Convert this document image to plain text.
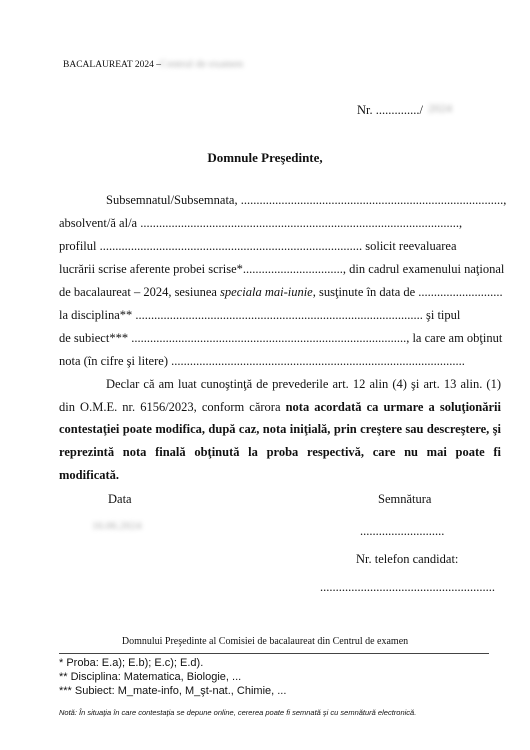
BACALAUREAT 2024 – Centrul de examen
Nr. ............../ 2024
Domnule Preşedinte,
Subsemnatul/Subsemnata, ....................................................................................,
absolvent/ă al/a ......................................................................................................,
profilul .................................................................................... solicit reevaluarea
lucrării scrise aferente probei scrise*................................, din cadrul examenului naţional
de bacalaureat – 2024, sesiunea speciala mai-iunie, susţinute în data de ...........................
la disciplina** ............................................................................................ şi tipul
de subiect*** ........................................................................................, la care am obţinut
nota (în cifre şi litere) ..............................................................................................
Declar că am luat cunoştinţă de prevederile art. 12 alin (4) şi art. 13 alin. (1) din O.M.E. nr. 6156/2023, conform cărora nota acordată ca urmare a soluţionării contestaţiei poate modifica, după caz, nota iniţială, prin creştere sau descreştere, şi reprezintă nota finală obţinută la proba respectivă, care nu mai poate fi modificată.
Data
16.06.2024
Semnătura
...........................
Nr. telefon candidat:
........................................................
Domnului Preşedinte al Comisiei de bacalaureat din Centrul de examen
* Proba: E.a); E.b); E.c); E.d).
** Disciplina: Matematica, Biologie, ...
*** Subiect: M_mate-info, M_şt-nat., Chimie, ...
Notă: În situaţia în care contestaţia se depune online, cererea poate fi semnată şi cu semnătură electronică.
